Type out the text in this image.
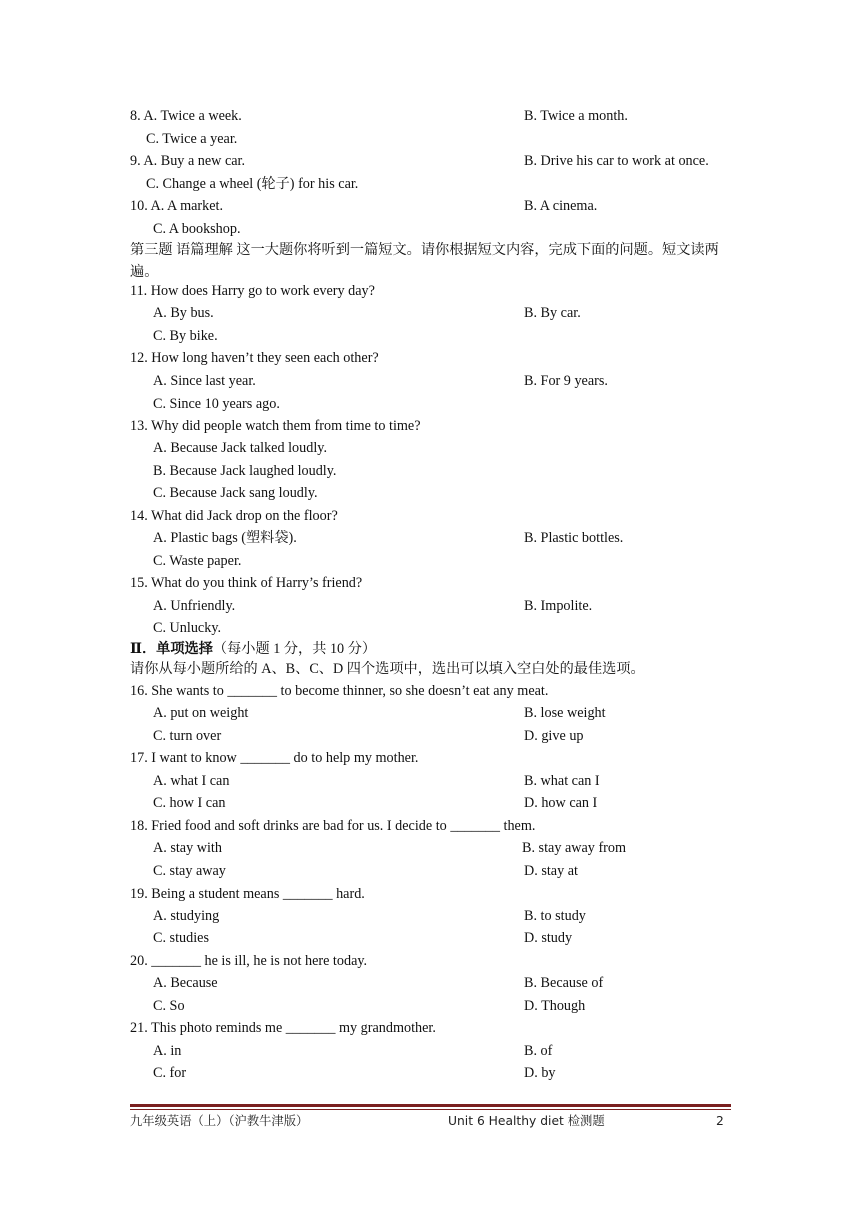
8. A. Twice a week.	B. Twice a month.
C. Twice a year.
9. A. Buy a new car.	B. Drive his car to work at once.
C. Change a wheel (轮子) for his car.
10. A. A market.	B. A cinema.
C. A bookshop.
第三题 语篇理解 这一大题你将听到一篇短文。请你根据短文内容，完成下面的问题。短文读两遍。
11. How does Harry go to work every day?
A. By bus.	B. By car.
C. By bike.
12. How long haven’t they seen each other?
A. Since last year.	B. For 9 years.
C. Since 10 years ago.
13. Why did people watch them from time to time?
A. Because Jack talked loudly.
B. Because Jack laughed loudly.
C. Because Jack sang loudly.
14. What did Jack drop on the floor?
A. Plastic bags (塑料袋).	B. Plastic bottles.
C. Waste paper.
15. What do you think of Harry’s friend?
A. Unfriendly.	B. Impolite.
C. Unlucky.
Ⅱ．单项选择（每小题 1 分，共 10 分）
请你从每小题所给的 A、B、C、D 四个选项中，选出可以填入空白处的最佳选项。
16. She wants to _______ to become thinner, so she doesn’t eat any meat.
A. put on weight	B. lose weight
C. turn over	D. give up
17. I want to know _______ do to help my mother.
A. what I can	B. what can I
C. how I can	D. how can I
18. Fried food and soft drinks are bad for us. I decide to _______ them.
A. stay with	B. stay away from
C. stay away	D. stay at
19. Being a student means _______ hard.
A. studying	B. to study
C. studies	D. study
20. _______ he is ill, he is not here today.
A. Because	B. Because of
C. So	D. Though
21. This photo reminds me _______ my grandmother.
A. in	B. of
C. for	D. by
九年级英语（上）（沪教牛津版）	Unit 6 Healthy diet 检测题	2
